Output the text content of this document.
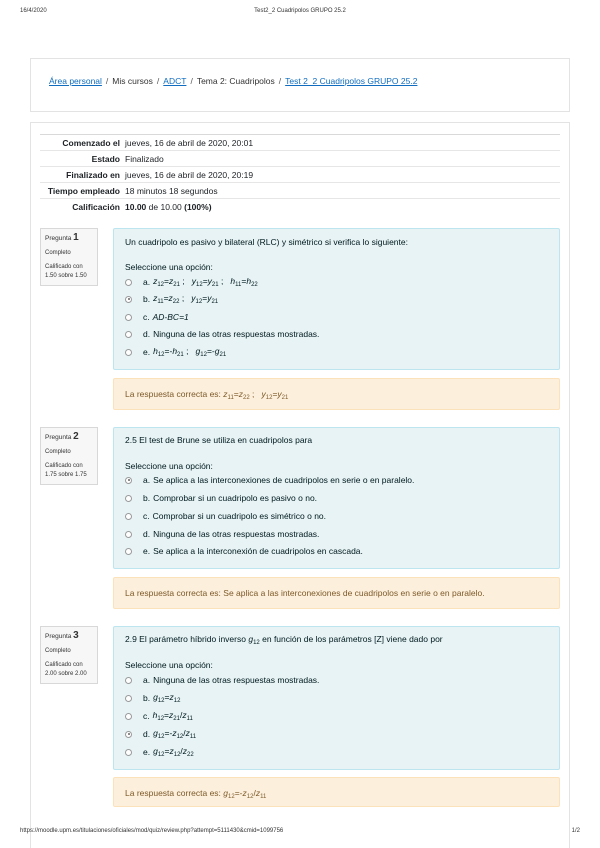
16/4/2020	Test2_2 Cuadripolos GRUPO 25.2
Área personal / Mis cursos / ADCT / Tema 2: Cuadripolos / Test 2_2 Cuadripolos GRUPO 25.2
Comenzado el jueves, 16 de abril de 2020, 20:01
Estado Finalizado
Finalizado en jueves, 16 de abril de 2020, 20:19
Tiempo empleado 18 minutos 18 segundos
Calificación 10.00 de 10.00 (100%)
Pregunta 1
Completo
Calificado con
1.50 sobre 1.50
Un cuadripolo es pasivo y bilateral (RLC) y simétrico si verifica lo siguiente:
Seleccione una opción:
a. $z_{12}=z_{21}$ ;   $y_{12}=y_{21}$ ;   $h_{11}=h_{22}$
b. $z_{11}=z_{22}$ ;   $y_{12}=y_{21}$
c. AD-BC=1
d. Ninguna de las otras respuestas mostradas.
e. $h_{12}=-h_{21}$ ;   $g_{12}=-g_{21}$
La respuesta correcta es: $z_{11}=z_{22}$ ;   $y_{12}=y_{21}$
Pregunta 2
Completo
Calificado con
1.75 sobre 1.75
2.5 El test de Brune se utiliza en cuadripolos para
Seleccione una opción:
a. Se aplica a las interconexiones de cuadripolos en serie o en paralelo.
b. Comprobar si un cuadripolo es pasivo o no.
c. Comprobar si un cuadripolo es simétrico o no.
d. Ninguna de las otras respuestas mostradas.
e. Se aplica a la interconexión de cuadripolos en cascada.
La respuesta correcta es: Se aplica a las interconexiones de cuadripolos en serie o en paralelo.
Pregunta 3
Completo
Calificado con
2.00 sobre 2.00
2.9 El parámetro híbrido inverso $g_{12}$ en función de los parámetros [Z] viene dado por
Seleccione una opción:
a. Ninguna de las otras respuestas mostradas.
b. $g_{12}=z_{12}$
c. $h_{12}=z_{21}/z_{11}$
d. $g_{12}=-z_{12}/z_{11}$
e. $g_{12}=z_{12}/z_{22}$
La respuesta correcta es: $g_{12}=-z_{12}/z_{11}$
https://moodle.upm.es/titulaciones/oficiales/mod/quiz/review.php?attempt=5111430&cmid=1099756	1/2
